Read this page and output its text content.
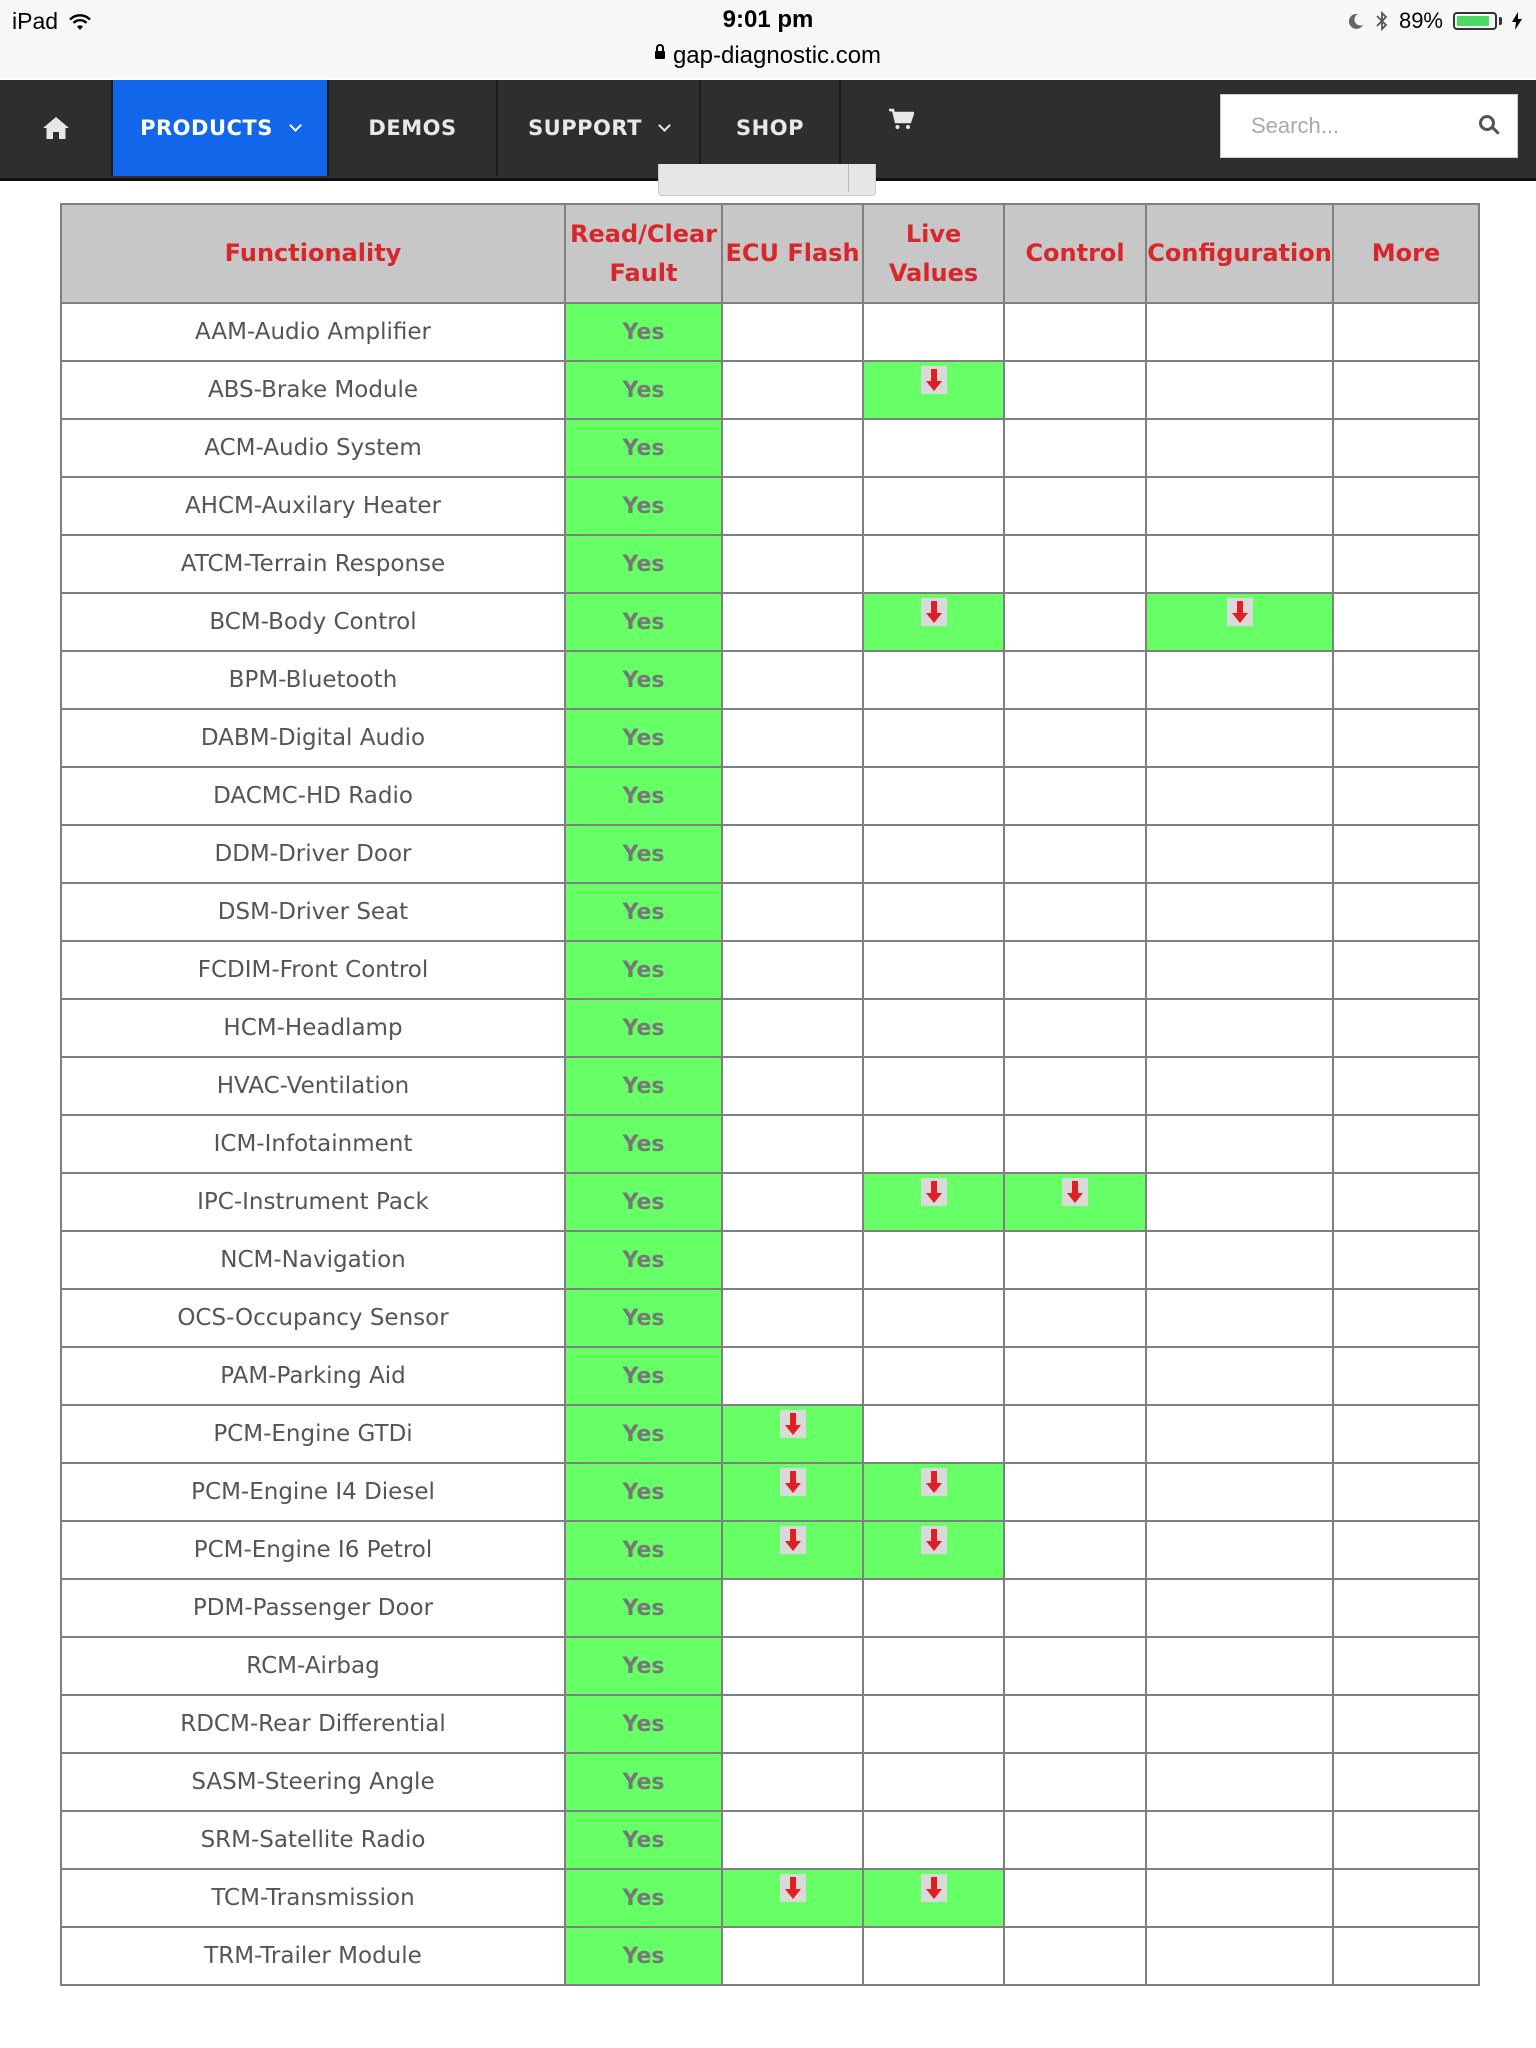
iPad	9:01 pm	89%
gap-diagnostic.com
PRODUCTS	DEMOS	SUPPORT	SHOP
Search...
Functionality	Read/Clear Fault	ECU Flash	Live Values	Control	Configuration	More
AAM-Audio Amplifier	Yes					
ABS-Brake Module	Yes					
ACM-Audio System	Yes					
AHCM-Auxilary Heater	Yes					
ATCM-Terrain Response	Yes					
BCM-Body Control	Yes					
BPM-Bluetooth	Yes					
DABM-Digital Audio	Yes					
DACMC-HD Radio	Yes					
DDM-Driver Door	Yes					
DSM-Driver Seat	Yes					
FCDIM-Front Control	Yes					
HCM-Headlamp	Yes					
HVAC-Ventilation	Yes					
ICM-Infotainment	Yes					
IPC-Instrument Pack	Yes					
NCM-Navigation	Yes					
OCS-Occupancy Sensor	Yes					
PAM-Parking Aid	Yes					
PCM-Engine GTDi	Yes					
PCM-Engine I4 Diesel	Yes					
PCM-Engine I6 Petrol	Yes					
PDM-Passenger Door	Yes					
RCM-Airbag	Yes					
RDCM-Rear Differential	Yes					
SASM-Steering Angle	Yes					
SRM-Satellite Radio	Yes					
TCM-Transmission	Yes					
TRM-Trailer Module	Yes					
